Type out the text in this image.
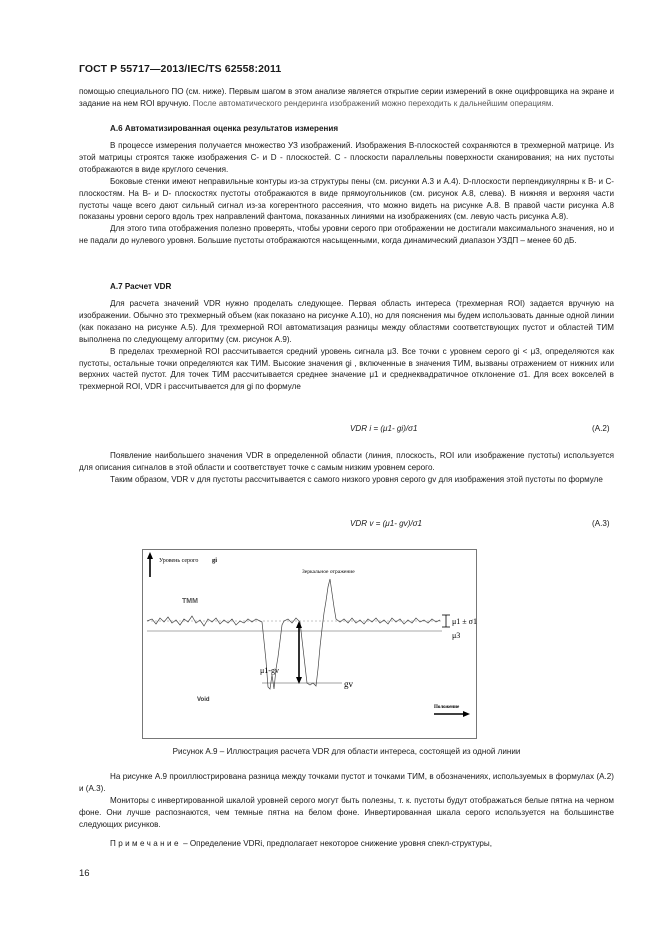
ГОСТ Р 55717—2013/IEC/TS 62558:2011

помощью специального ПО (см. ниже). Первым шагом в этом анализе является открытие серии измерений в окне оцифровщика на экране и задание на нем ROI вручную. После автоматического рендеринга изображений можно переходить к дальнейшим операциям.

А.6 Автоматизированная оценка результатов измерения

В процессе измерения получается множество УЗ изображений. Изображения B-плоскостей сохраняются в трехмерной матрице. Из этой матрицы строятся также изображения C- и D - плоскостей. C - плоскости параллельны поверхности сканирования; на них пустоты отображаются в виде круглого сечения.

Боковые стенки имеют неправильные контуры из-за структуры пены (см. рисунки А.3 и А.4). D-плоскости перпендикулярны к B- и C- плоскостям. На B- и D- плоскостях пустоты отображаются в виде прямоугольников (см. рисунок А.8, слева). В нижняя и верхняя части пустоты чаще всего дают сильный сигнал из-за когерентного рассеяния, что можно видеть на рисунке А.8. В правой части рисунка А.8 показаны уровни серого вдоль трех направлений фантома, показанных линиями на изображениях (см. левую часть рисунка А.8).

Для этого типа отображения полезно проверять, чтобы уровни серого при отображении не достигали максимального значения, но и не падали до нулевого уровня. Большие пустоты отображаются насыщенными, когда динамический диапазон УЗДП – менее 60 дБ.

А.7 Расчет VDR

Для расчета значений VDR нужно проделать следующее. Первая область интереса (трехмерная ROI) задается вручную на изображении. Обычно это трехмерный объем (как показано на рисунке А.10), но для пояснения мы будем использовать данные одной линии (как показано на рисунке А.5). Для трехмерной ROI автоматизация разницы между областями соответствующих пустот и областей ТИМ выполнена по следующему алгоритму (см. рисунок А.9).

В пределах трехмерной ROI рассчитывается средний уровень сигнала μ3. Все точки с уровнем серого gi < μ3, определяются как пустоты, остальные точки определяются как ТИМ. Высокие значения gi , включенные в значения ТИМ, вызваны отражением от нижних или верхних частей пустот. Для точек ТИМ рассчитывается среднее значение μ1 и среднеквадратичное отклонение σ1. Для всех вокселей в трехмерной ROI, VDR i рассчитывается для gi по формуле

VDR i = (μ1- gi)/σ1	(А.2)

Появление наибольшего значения VDR в определенной области (линия, плоскость, ROI или изображение пустоты) используется для описания сигналов в этой области и соответствует точке с самым низким уровнем серого.

Таким образом, VDR v для пустоты рассчитывается с самого низкого уровня серого gv для изображения этой пустоты по формуле

VDR v = (μ1- gv)/σ1	(А.3)
Уровень серого gi
Зеркальное отражение
ТММ
Void
Положение
μ1 ± σ1
μ3
μ1-gv
gv
Рисунок А.9 – Иллюстрация расчета VDR для области интереса, состоящей из одной линии

На рисунке А.9 проиллюстрирована разница между точками пустот и точками ТИМ, в обозначениях, используемых в формулах (А.2) и (А.3).

Мониторы с инвертированной шкалой уровней серого могут быть полезны, т. к. пустоты будут отображаться белые пятна на черном фоне. Они лучше распознаются, чем темные пятна на белом фоне. Инвертированная шкала серого используется на большинстве следующих рисунков.

Примечание – Определение VDRi, предполагает некоторое снижение уровня спекл-структуры,
16
